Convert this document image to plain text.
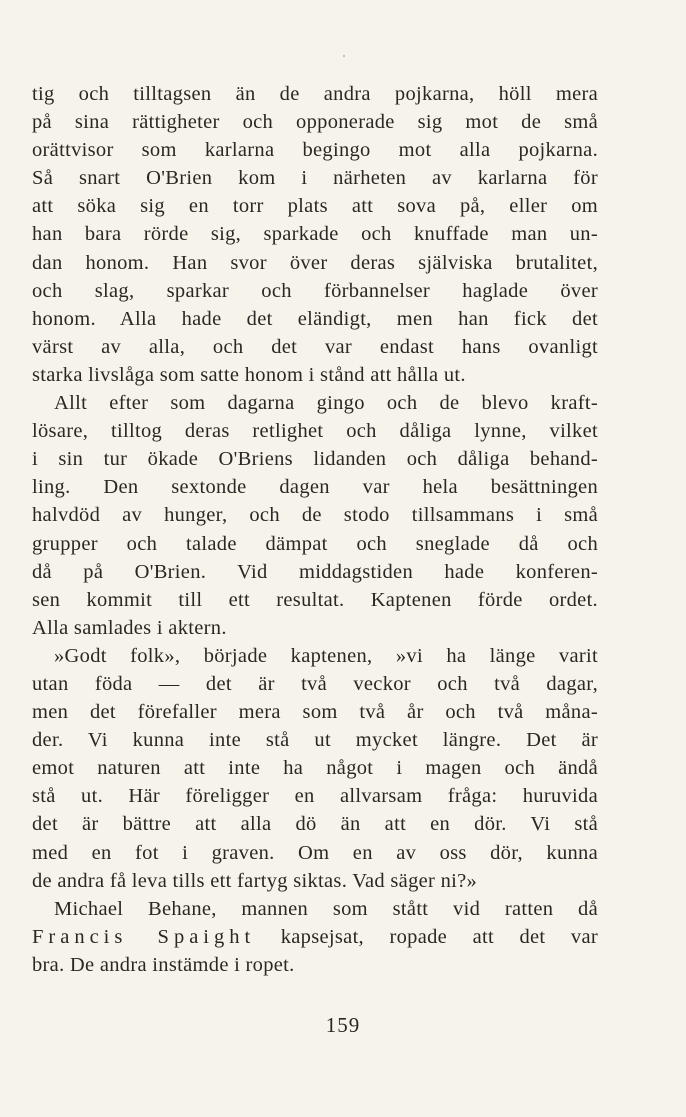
tig och tilltagsen än de andra pojkarna, höll mera
på sina rättigheter och opponerade sig mot de små
orättvisor som karlarna begingo mot alla pojkarna.
Så snart O'Brien kom i närheten av karlarna för
att söka sig en torr plats att sova på, eller om
han bara rörde sig, sparkade och knuffade man un-
dan honom. Han svor över deras själviska brutalitet,
och slag, sparkar och förbannelser haglade över
honom. Alla hade det eländigt, men han fick det
värst av alla, och det var endast hans ovanligt
starka livslåga som satte honom i stånd att hålla ut.
Allt efter som dagarna gingo och de blevo kraft-
lösare, tilltog deras retlighet och dåliga lynne, vilket
i sin tur ökade O'Briens lidanden och dåliga behand-
ling. Den sextonde dagen var hela besättningen
halvdöd av hunger, och de stodo tillsammans i små
grupper och talade dämpat och sneglade då och
då på O'Brien. Vid middagstiden hade konferen-
sen kommit till ett resultat. Kaptenen förde ordet.
Alla samlades i aktern.
»Godt folk», började kaptenen, »vi ha länge varit
utan föda — det är två veckor och två dagar,
men det förefaller mera som två år och två måna-
der. Vi kunna inte stå ut mycket längre. Det är
emot naturen att inte ha något i magen och ändå
stå ut. Här föreligger en allvarsam fråga: huruvida
det är bättre att alla dö än att en dör. Vi stå
med en fot i graven. Om en av oss dör, kunna
de andra få leva tills ett fartyg siktas. Vad säger ni?»
Michael Behane, mannen som stått vid ratten då
Francis Spaight kapsejsat, ropade att det var
bra. De andra instämde i ropet.
159
